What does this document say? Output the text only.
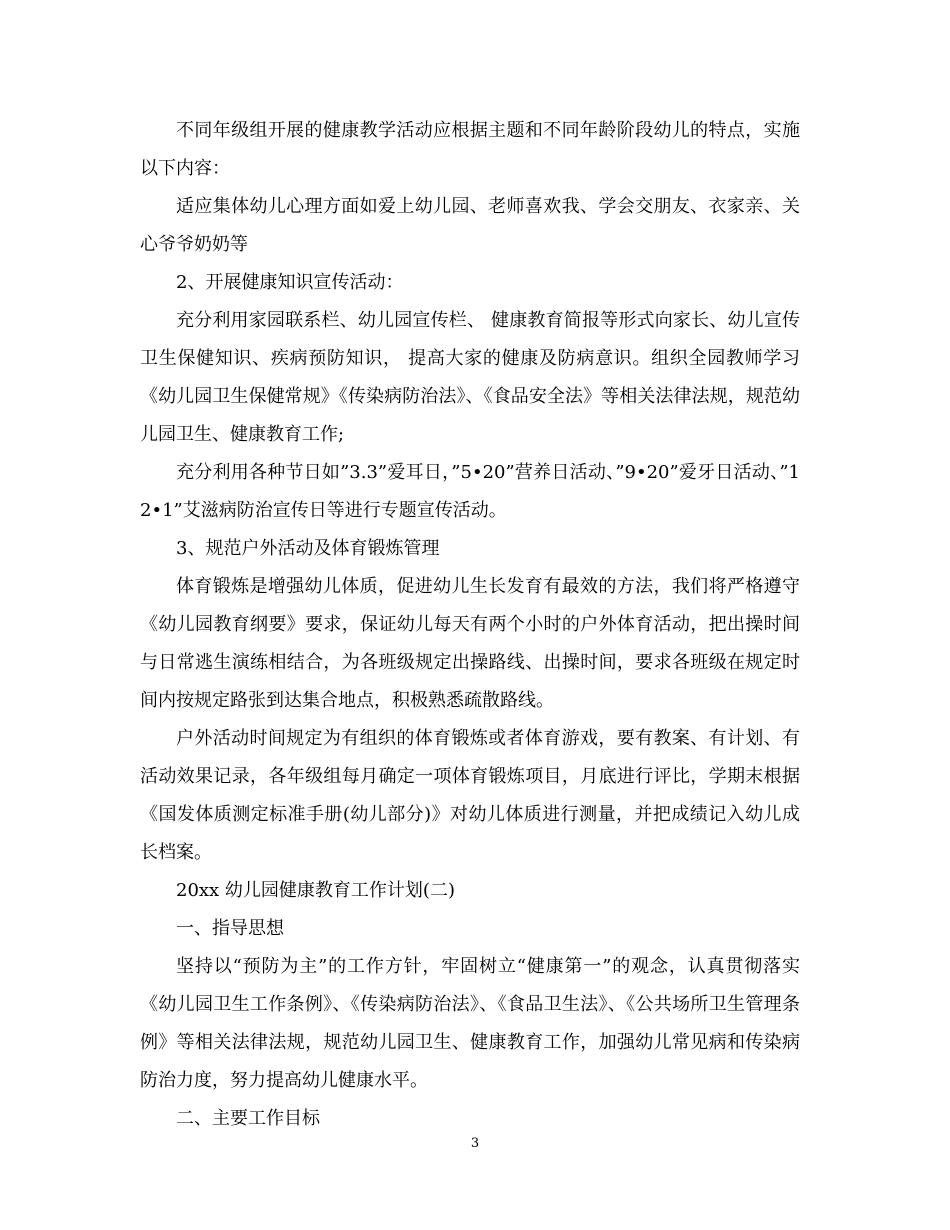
不同年级组开展的健康教学活动应根据主题和不同年龄阶段幼儿的特点，实施以下内容：

适应集体幼儿心理方面如爱上幼儿园、老师喜欢我、学会交朋友、衣家亲、关心爷爷奶奶等

2、开展健康知识宣传活动：

充分利用家园联系栏、幼儿园宣传栏、 健康教育简报等形式向家长、幼儿宣传卫生保健知识、疾病预防知识， 提高大家的健康及防病意识。组织全园教师学习《幼儿园卫生保健常规》《传染病防治法》、《食品安全法》等相关法律法规，规范幼儿园卫生、健康教育工作;

充分利用各种节日如”3.3”爱耳日，”5•20”营养日活动、”9•20”爱牙日活动、”12•1”艾滋病防治宣传日等进行专题宣传活动。

3、规范户外活动及体育锻炼管理

体育锻炼是增强幼儿体质，促进幼儿生长发育有最效的方法，我们将严格遵守《幼儿园教育纲要》要求，保证幼儿每天有两个小时的户外体育活动，把出操时间与日常逃生演练相结合，为各班级规定出操路线、出操时间，要求各班级在规定时间内按规定路张到达集合地点，积极熟悉疏散路线。

户外活动时间规定为有组织的体育锻炼或者体育游戏，要有教案、有计划、有活动效果记录，各年级组每月确定一项体育锻炼项目，月底进行评比，学期末根据《国发体质测定标准手册(幼儿部分)》对幼儿体质进行测量，并把成绩记入幼儿成长档案。

20xx 幼儿园健康教育工作计划(二)

一、指导思想

坚持以“预防为主”的工作方针，牢固树立“健康第一”的观念，认真贯彻落实《幼儿园卫生工作条例》、《传染病防治法》、《食品卫生法》、《公共场所卫生管理条例》等相关法律法规，规范幼儿园卫生、健康教育工作，加强幼儿常见病和传染病防治力度，努力提高幼儿健康水平。

二、主要工作目标

3
